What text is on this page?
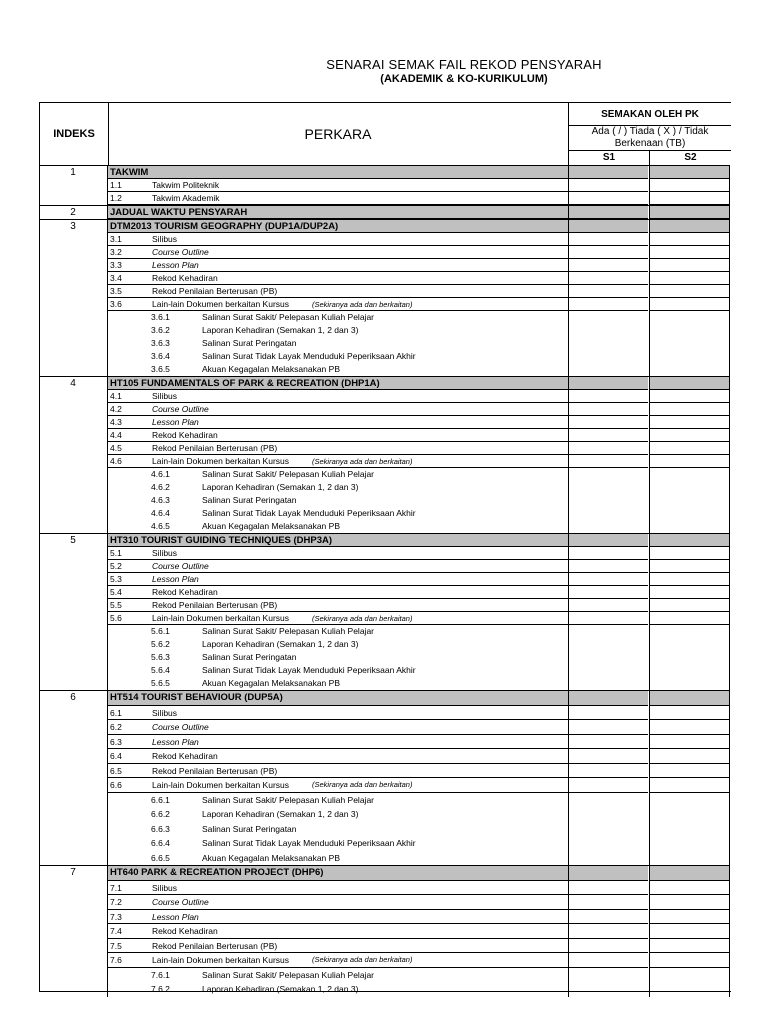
SENARAI SEMAK FAIL REKOD PENSYARAH
(AKADEMIK & KO-KURIKULUM)
INDEKS	PERKARA
SEMAKAN OLEH PK
Ada ( / ) Tiada ( X ) / Tidak
Berkenaan (TB)
S1	S2
1	TAKWIM
1.1	Takwim Politeknik
1.2	Takwim Akademik
2	JADUAL WAKTU PENSYARAH
3	DTM2013 TOURISM GEOGRAPHY (DUP1A/DUP2A)
3.1	Silibus
3.2	Course Outline
3.3	Lesson Plan
3.4	Rekod Kehadiran
3.5	Rekod Penilaian Berterusan (PB)
3.6	Lain-lain Dokumen berkaitan Kursus	(Sekiranya ada dan berkaitan)
3.6.1	Salinan Surat Sakit/ Pelepasan Kuliah Pelajar
3.6.2	Laporan Kehadiran (Semakan 1, 2 dan 3)
3.6.3	Salinan Surat Peringatan
3.6.4	Salinan Surat Tidak Layak Menduduki Peperiksaan Akhir
3.6.5	Akuan Kegagalan Melaksanakan PB
4	HT105 FUNDAMENTALS OF PARK & RECREATION (DHP1A)
4.1	Silibus
4.2	Course Outline
4.3	Lesson Plan
4.4	Rekod Kehadiran
4.5	Rekod Penilaian Berterusan (PB)
4.6	Lain-lain Dokumen berkaitan Kursus	(Sekiranya ada dan berkaitan)
4.6.1	Salinan Surat Sakit/ Pelepasan Kuliah Pelajar
4.6.2	Laporan Kehadiran (Semakan 1, 2 dan 3)
4.6.3	Salinan Surat Peringatan
4.6.4	Salinan Surat Tidak Layak Menduduki Peperiksaan Akhir
4.6.5	Akuan Kegagalan Melaksanakan PB
5	HT310 TOURIST GUIDING TECHNIQUES (DHP3A)
5.1	Silibus
5.2	Course Outline
5.3	Lesson Plan
5.4	Rekod Kehadiran
5.5	Rekod Penilaian Berterusan (PB)
5.6	Lain-lain Dokumen berkaitan Kursus	(Sekiranya ada dan berkaitan)
5.6.1	Salinan Surat Sakit/ Pelepasan Kuliah Pelajar
5.6.2	Laporan Kehadiran (Semakan 1, 2 dan 3)
5.6.3	Salinan Surat Peringatan
5.6.4	Salinan Surat Tidak Layak Menduduki Peperiksaan Akhir
5.6.5	Akuan Kegagalan Melaksanakan PB
6	HT514 TOURIST BEHAVIOUR (DUP5A)
6.1	Silibus
6.2	Course Outline
6.3	Lesson Plan
6.4	Rekod Kehadiran
6.5	Rekod Penilaian Berterusan (PB)
6.6	Lain-lain Dokumen berkaitan Kursus	(Sekiranya ada dan berkaitan)
6.6.1	Salinan Surat Sakit/ Pelepasan Kuliah Pelajar
6.6.2	Laporan Kehadiran (Semakan 1, 2 dan 3)
6.6.3	Salinan Surat Peringatan
6.6.4	Salinan Surat Tidak Layak Menduduki Peperiksaan Akhir
6.6.5	Akuan Kegagalan Melaksanakan PB
7	HT640 PARK & RECREATION PROJECT (DHP6)
7.1	Silibus
7.2	Course Outline
7.3	Lesson Plan
7.4	Rekod Kehadiran
7.5	Rekod Penilaian Berterusan (PB)
7.6	Lain-lain Dokumen berkaitan Kursus	(Sekiranya ada dan berkaitan)
7.6.1	Salinan Surat Sakit/ Pelepasan Kuliah Pelajar
7.6.2	Laporan Kehadiran (Semakan 1, 2 dan 3)
